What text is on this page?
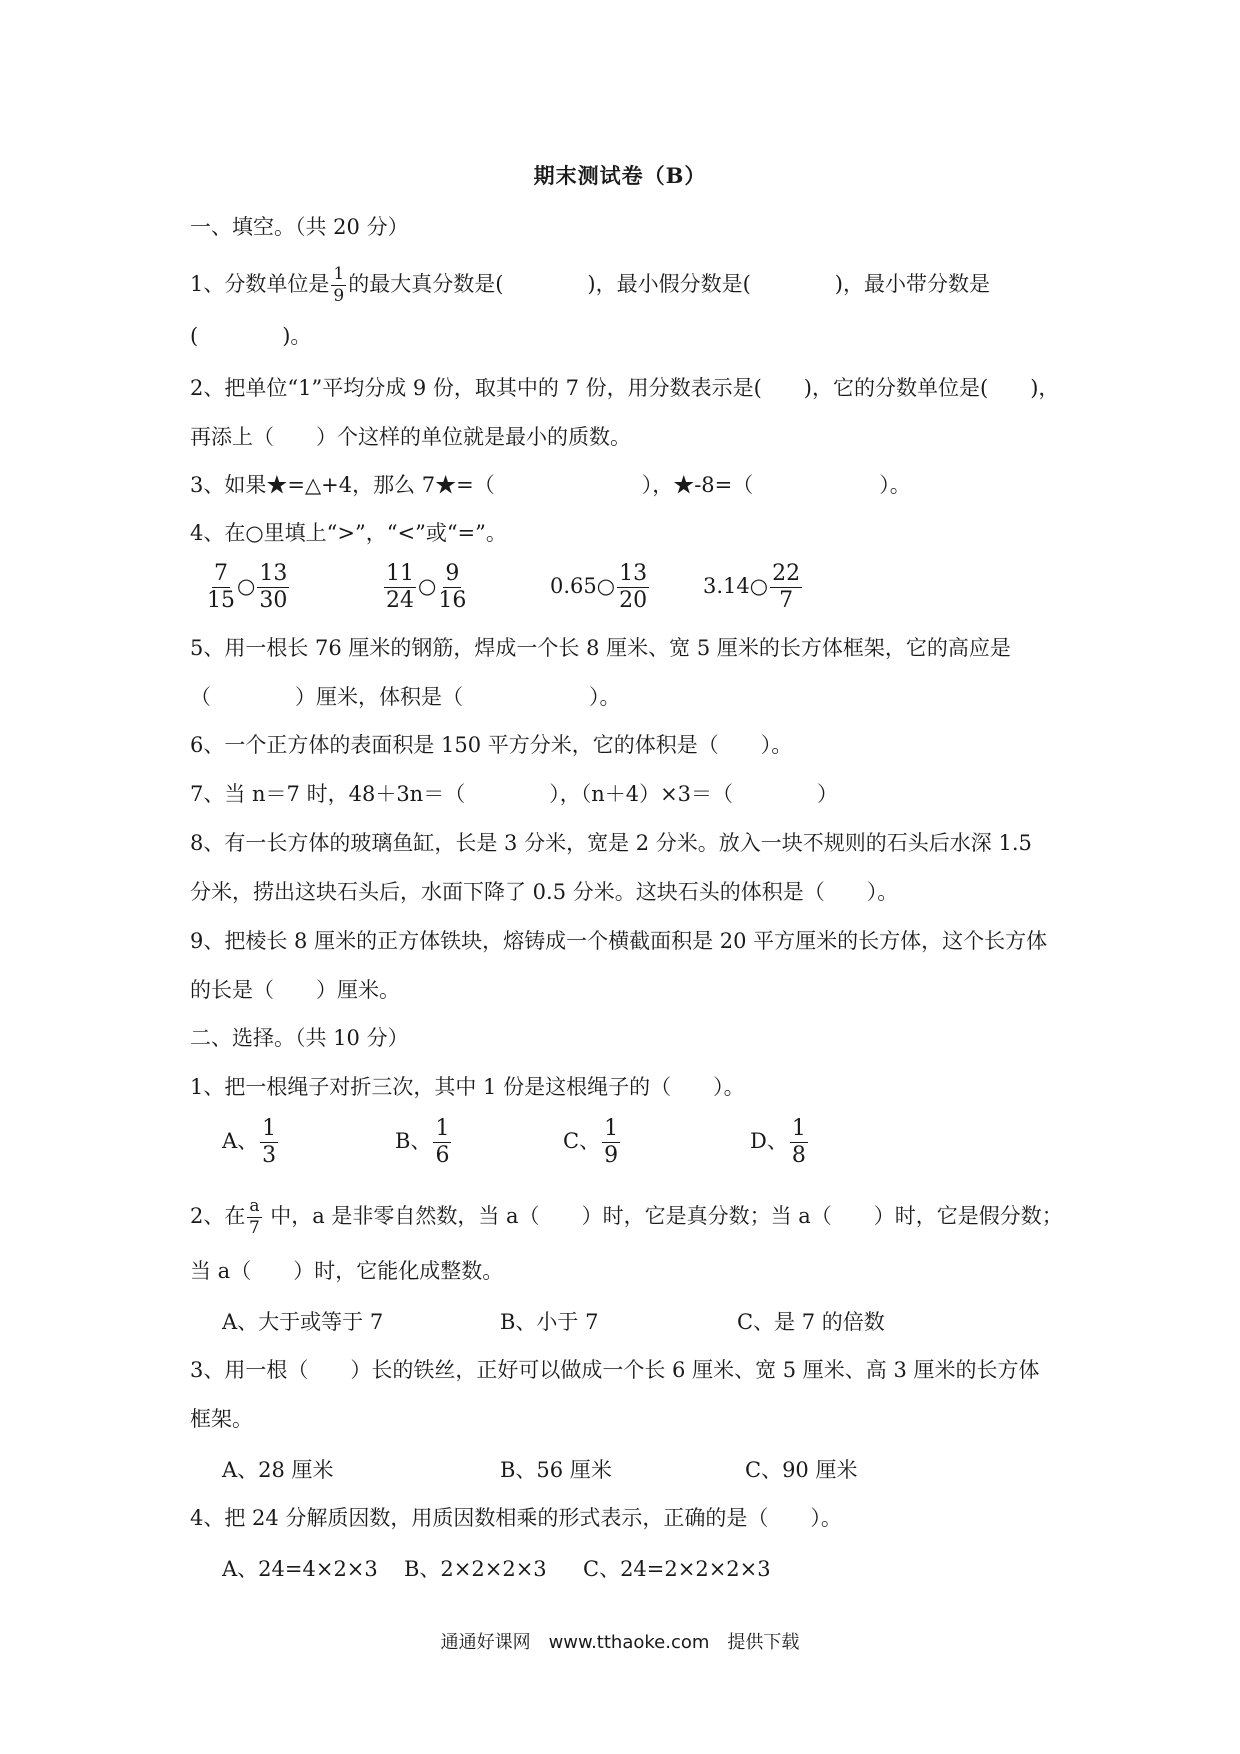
期末测试卷（B）
一、填空。（共 20 分）
1、分数单位是 $\frac{1}{9}$ 的最大真分数是(　　　　)，最小假分数是(　　　　)，最小带分数是
(　　　　)。
2、把单位“1”平均分成 9 份，取其中的 7 份，用分数表示是(　　)，它的分数单位是(　　)，
再添上（　　）个这样的单位就是最小的质数。
3、如果★=△+4，那么 7★=（　　　　　　　），★-8=（　　　　　　）。
4、在○里填上“>”，“<”或“=”。
$\frac{7}{15}$ ○ $\frac{13}{30}$	$\frac{11}{24}$ ○ $\frac{9}{16}$	0.65○ $\frac{13}{20}$	3.14○ $\frac{22}{7}$
5、用一根长 76 厘米的钢筋，焊成一个长 8 厘米、宽 5 厘米的长方体框架，它的高应是
（　　　　）厘米，体积是（　　　　　　）。
6、一个正方体的表面积是 150 平方分米，它的体积是（　　）。
7、当 n＝7 时，48＋3n＝（　　　　），（n＋4）×3＝（　　　　）
8、有一长方体的玻璃鱼缸，长是 3 分米，宽是 2 分米。放入一块不规则的石头后水深 1.5
分米，捞出这块石头后，水面下降了 0.5 分米。这块石头的体积是（　　）。
9、把棱长 8 厘米的正方体铁块，熔铸成一个横截面积是 20 平方厘米的长方体，这个长方体
的长是（　　）厘米。
二、选择。（共 10 分）
1、把一根绳子对折三次，其中 1 份是这根绳子的（　　）。
A、 $\frac{1}{3}$	B、 $\frac{1}{6}$	C、 $\frac{1}{9}$	D、 $\frac{1}{8}$
2、在 $\frac{a}{7}$ 中，a 是非零自然数，当 a（　　）时，它是真分数；当 a（　　）时，它是假分数；
当 a（　　）时，它能化成整数。
A、大于或等于 7	B、小于 7	C、是 7 的倍数
3、用一根（　　）长的铁丝，正好可以做成一个长 6 厘米、宽 5 厘米、高 3 厘米的长方体
框架。
A、28 厘米	B、56 厘米	C、90 厘米
4、把 24 分解质因数，用质因数相乘的形式表示，正确的是（　　）。
A、24=4×2×3 B、2×2×2×3 C、24=2×2×2×3
通通好课网　www.tthaoke.com　提供下载
